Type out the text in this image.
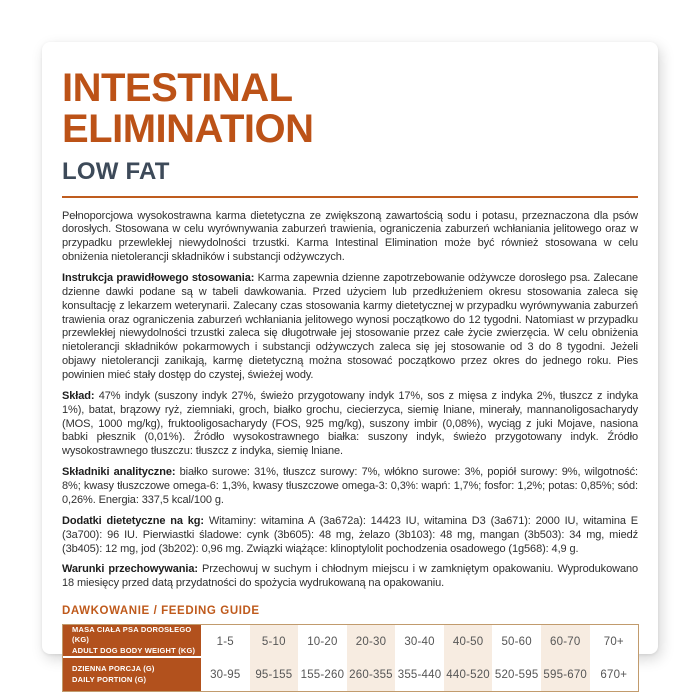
INTESTINAL
ELIMINATION
LOW FAT

Pełnoporcjowa wysokostrawna karma dietetyczna ze zwiększoną zawartością sodu i potasu, przeznaczona dla psów dorosłych. Stosowana w celu wyrównywania zaburzeń trawienia, ograniczenia zaburzeń wchłaniania jelitowego oraz w przypadku przewlekłej niewydolności trzustki. Karma Intestinal Elimination może być również stosowana w celu obniżenia nietolerancji składników i substancji odżywczych.

Instrukcja prawidłowego stosowania: Karma zapewnia dzienne zapotrzebowanie odżywcze dorosłego psa. Zalecane dzienne dawki podane są w tabeli dawkowania. Przed użyciem lub przedłużeniem okresu stosowania zaleca się konsultację z lekarzem weterynarii. Zalecany czas stosowania karmy dietetycznej w przypadku wyrównywania zaburzeń trawienia oraz ograniczenia zaburzeń wchłaniania jelitowego wynosi początkowo do 12 tygodni. Natomiast w przypadku przewlekłej niewydolności trzustki zaleca się długotrwałe jej stosowanie przez całe życie zwierzęcia. W celu obniżenia nietolerancji składników pokarmowych i substancji odżywczych zaleca się jej stosowanie od 3 do 8 tygodni. Jeżeli objawy nietolerancji zanikają, karmę dietetyczną można stosować początkowo przez okres do jednego roku. Pies powinien mieć stały dostęp do czystej, świeżej wody.

Skład: 47% indyk (suszony indyk 27%, świeżo przygotowany indyk 17%, sos z mięsa z indyka 2%, tłuszcz z indyka 1%), batat, brązowy ryż, ziemniaki, groch, białko grochu, ciecierzyca, siemię lniane, minerały, mannanoligosacharydy (MOS, 1000 mg/kg), fruktooligosacharydy (FOS, 925 mg/kg), suszony imbir (0,08%), wyciąg z juki Mojave, nasiona babki płesznik (0,01%). Źródło wysokostrawnego białka: suszony indyk, świeżo przygotowany indyk. Źródło wysokostrawnego tłuszczu: tłuszcz z indyka, siemię lniane.

Składniki analityczne: białko surowe: 31%, tłuszcz surowy: 7%, włókno surowe: 3%, popiół surowy: 9%, wilgotność: 8%; kwasy tłuszczowe omega-6: 1,3%, kwasy tłuszczowe omega-3: 0,3%: wapń: 1,7%; fosfor: 1,2%; potas: 0,85%; sód: 0,26%. Energia: 337,5 kcal/100 g.

Dodatki dietetyczne na kg: Witaminy: witamina A (3a672a): 14423 IU, witamina D3 (3a671): 2000 IU, witamina E (3a700): 96 IU. Pierwiastki śladowe: cynk (3b605): 48 mg, żelazo (3b103): 48 mg, mangan (3b503): 34 mg, miedź (3b405): 12 mg, jod (3b202): 0,96 mg. Związki wiążące: klinoptylolit pochodzenia osadowego (1g568): 4,9 g.

Warunki przechowywania: Przechowuj w suchym i chłodnym miejscu i w zamkniętym opakowaniu. Wyprodukowano 18 miesięcy przed datą przydatności do spożycia wydrukowaną na opakowaniu.

DAWKOWANIE / FEEDING GUIDE
MASA CIAŁA PSA DOROSŁEGO (KG)
ADULT DOG BODY WEIGHT (KG)
1-5	5-10	10-20	20-30	30-40	40-50	50-60	60-70	70+
DZIENNA PORCJA (G)
DAILY PORTION (G)	30-95	95-155 155-260 260-355 355-440 440-520 520-595 595-670	670+
